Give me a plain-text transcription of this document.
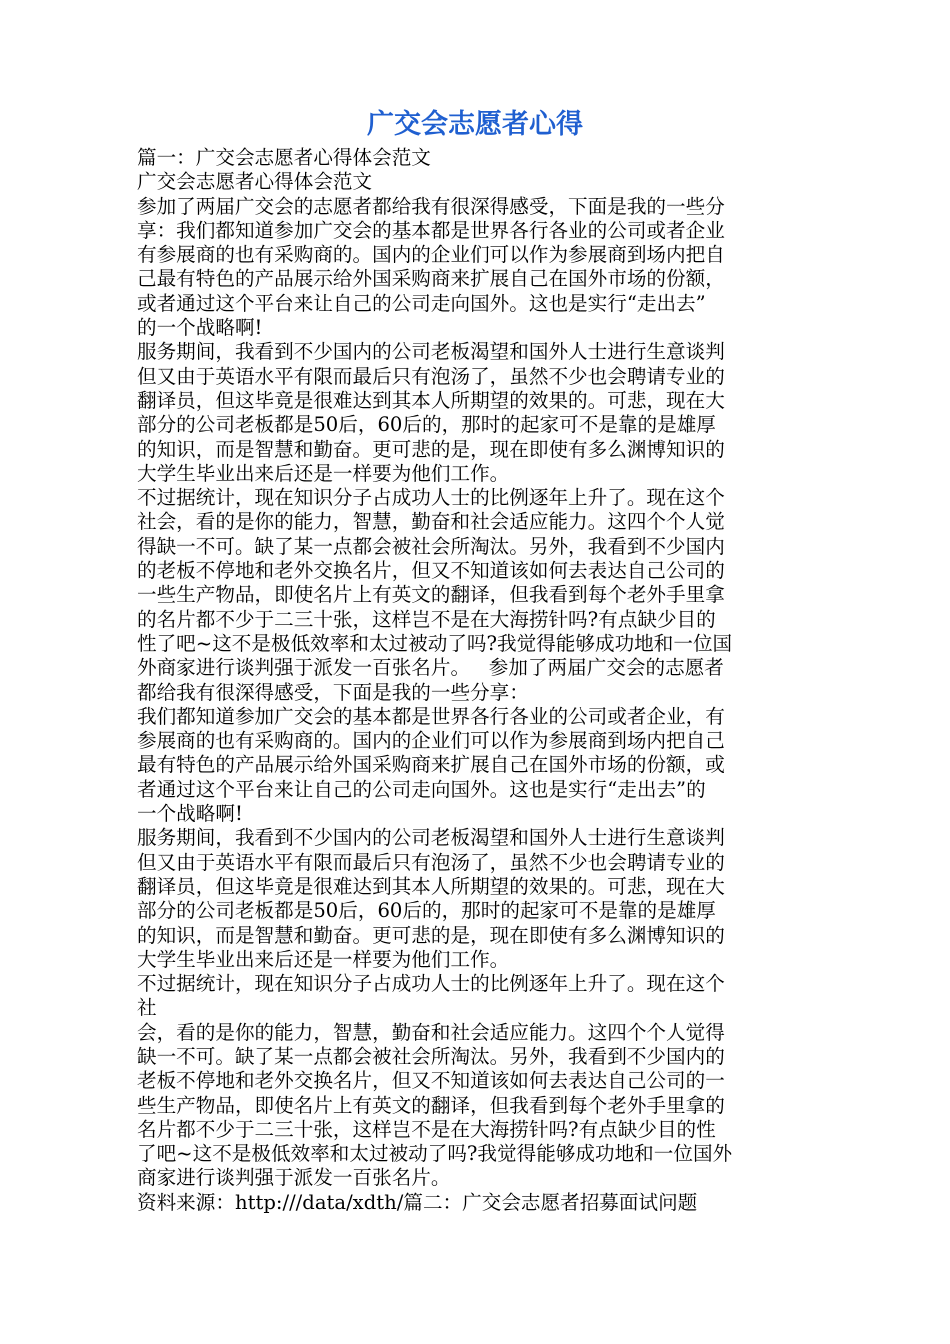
广交会志愿者心得
篇一：广交会志愿者心得体会范文
广交会志愿者心得体会范文
参加了两届广交会的志愿者都给我有很深得感受，下面是我的一些分
享：我们都知道参加广交会的基本都是世界各行各业的公司或者企业
有参展商的也有采购商的。国内的企业们可以作为参展商到场内把自
己最有特色的产品展示给外国采购商来扩展自己在国外市场的份额，
或者通过这个平台来让自己的公司走向国外。这也是实行“走出去”
的一个战略啊!
服务期间，我看到不少国内的公司老板渴望和国外人士进行生意谈判
但又由于英语水平有限而最后只有泡汤了，虽然不少也会聘请专业的
翻译员，但这毕竟是很难达到其本人所期望的效果的。可悲，现在大
部分的公司老板都是50后，60后的，那时的起家可不是靠的是雄厚
的知识，而是智慧和勤奋。更可悲的是，现在即使有多么渊博知识的
大学生毕业出来后还是一样要为他们工作。
不过据统计，现在知识分子占成功人士的比例逐年上升了。现在这个
社会，看的是你的能力，智慧，勤奋和社会适应能力。这四个个人觉
得缺一不可。缺了某一点都会被社会所淘汰。另外，我看到不少国内
的老板不停地和老外交换名片，但又不知道该如何去表达自己公司的
一些生产物品，即使名片上有英文的翻译，但我看到每个老外手里拿
的名片都不少于二三十张，这样岂不是在大海捞针吗?有点缺少目的
性了吧~这不是极低效率和太过被动了吗?我觉得能够成功地和一位国
外商家进行谈判强于派发一百张名片。   参加了两届广交会的志愿者
都给我有很深得感受，下面是我的一些分享：
我们都知道参加广交会的基本都是世界各行各业的公司或者企业，有
参展商的也有采购商的。国内的企业们可以作为参展商到场内把自己
最有特色的产品展示给外国采购商来扩展自己在国外市场的份额，或
者通过这个平台来让自己的公司走向国外。这也是实行“走出去”的
一个战略啊!
服务期间，我看到不少国内的公司老板渴望和国外人士进行生意谈判
但又由于英语水平有限而最后只有泡汤了，虽然不少也会聘请专业的
翻译员，但这毕竟是很难达到其本人所期望的效果的。可悲，现在大
部分的公司老板都是50后，60后的，那时的起家可不是靠的是雄厚
的知识，而是智慧和勤奋。更可悲的是，现在即使有多么渊博知识的
大学生毕业出来后还是一样要为他们工作。
不过据统计，现在知识分子占成功人士的比例逐年上升了。现在这个
社
会，看的是你的能力，智慧，勤奋和社会适应能力。这四个个人觉得
缺一不可。缺了某一点都会被社会所淘汰。另外，我看到不少国内的
老板不停地和老外交换名片，但又不知道该如何去表达自己公司的一
些生产物品，即使名片上有英文的翻译，但我看到每个老外手里拿的
名片都不少于二三十张，这样岂不是在大海捞针吗?有点缺少目的性
了吧~这不是极低效率和太过被动了吗?我觉得能够成功地和一位国外
商家进行谈判强于派发一百张名片。
资料来源：http:///data/xdth/篇二：广交会志愿者招募面试问题
